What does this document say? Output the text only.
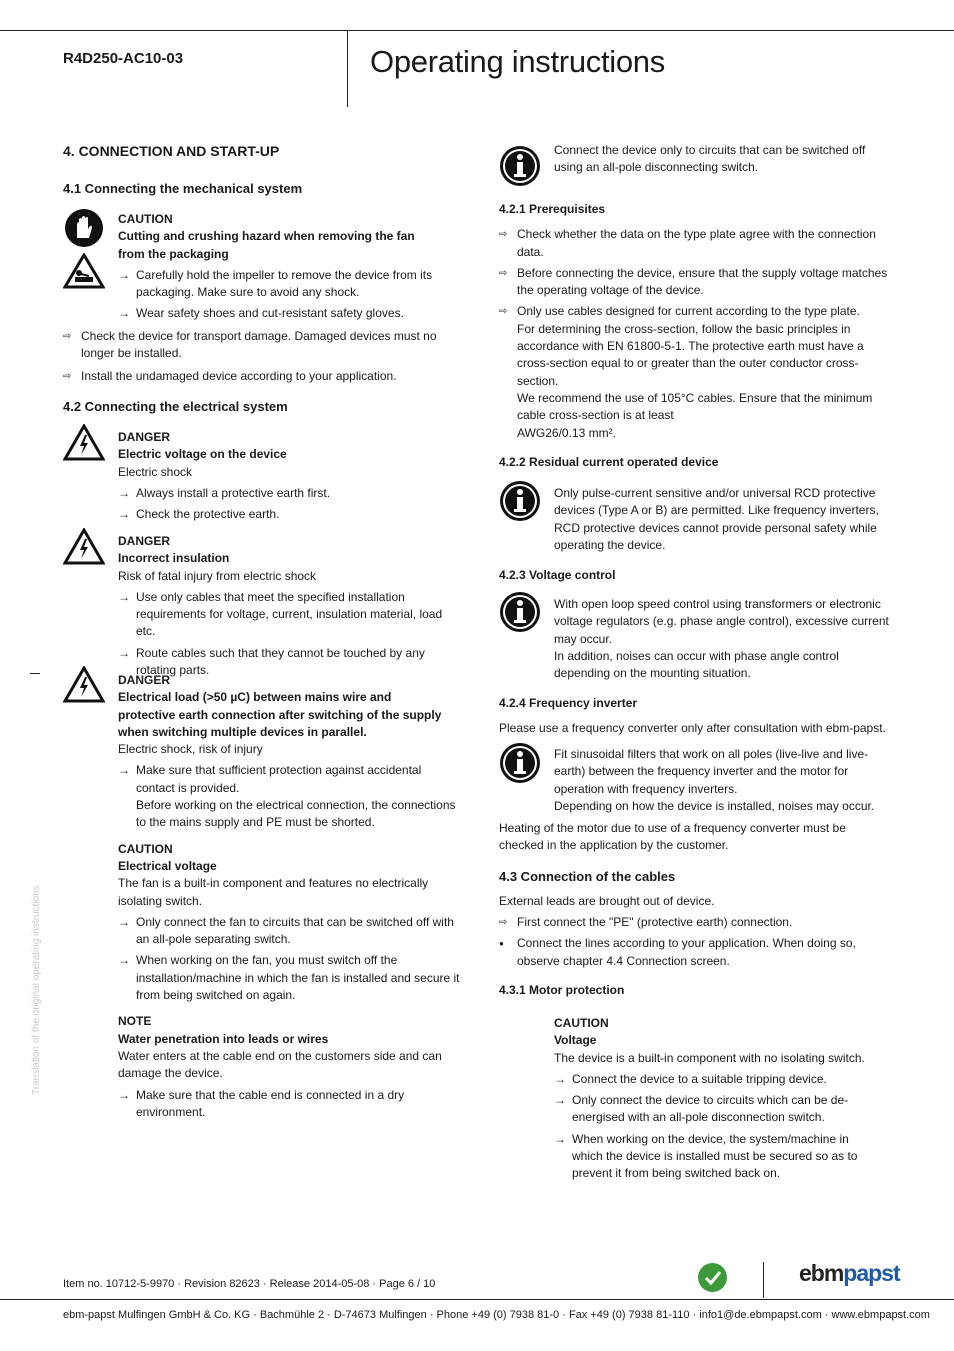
R4D250-AC10-03	Operating instructions
4. CONNECTION AND START-UP
4.1 Connecting the mechanical system
CAUTION
Cutting and crushing hazard when removing the fan
from the packaging
→ Carefully hold the impeller to remove the device from its packaging. Make sure to avoid any shock.
→ Wear safety shoes and cut-resistant safety gloves.
⇨ Check the device for transport damage. Damaged devices must no longer be installed.
⇨ Install the undamaged device according to your application.
4.2 Connecting the electrical system
DANGER
Electric voltage on the device
Electric shock
→ Always install a protective earth first.
→ Check the protective earth.
DANGER
Incorrect insulation
Risk of fatal injury from electric shock
→ Use only cables that meet the specified installation requirements for voltage, current, insulation material, load etc.
→ Route cables such that they cannot be touched by any rotating parts.
DANGER
Electrical load (>50 µC) between mains wire and
protective earth connection after switching of the supply
when switching multiple devices in parallel.
Electric shock, risk of injury
→ Make sure that sufficient protection against accidental contact is provided.
Before working on the electrical connection, the connections to the mains supply and PE must be shorted.
CAUTION
Electrical voltage
The fan is a built-in component and features no electrically isolating switch.
→ Only connect the fan to circuits that can be switched off with an all-pole separating switch.
→ When working on the fan, you must switch off the installation/machine in which the fan is installed and secure it from being switched on again.
NOTE
Water penetration into leads or wires
Water enters at the cable end on the customers side and can damage the device.
→ Make sure that the cable end is connected in a dry environment.
Translation of the original operating instructions
Connect the device only to circuits that can be switched off using an all-pole disconnecting switch.
4.2.1 Prerequisites
⇨ Check whether the data on the type plate agree with the connection data.
⇨ Before connecting the device, ensure that the supply voltage matches the operating voltage of the device.
⇨ Only use cables designed for current according to the type plate.
For determining the cross-section, follow the basic principles in accordance with EN 61800-5-1. The protective earth must have a cross-section equal to or greater than the outer conductor cross-section.
We recommend the use of 105°C cables. Ensure that the minimum cable cross-section is at least
AWG26/0.13 mm².
4.2.2 Residual current operated device
Only pulse-current sensitive and/or universal RCD protective devices (Type A or B) are permitted. Like frequency inverters, RCD protective devices cannot provide personal safety while operating the device.
4.2.3 Voltage control
With open loop speed control using transformers or electronic voltage regulators (e.g. phase angle control), excessive current may occur.
In addition, noises can occur with phase angle control depending on the mounting situation.
4.2.4 Frequency inverter
Please use a frequency converter only after consultation with ebm-papst.
Fit sinusoidal filters that work on all poles (live-live and live-earth) between the frequency inverter and the motor for operation with frequency inverters.
Depending on how the device is installed, noises may occur.
Heating of the motor due to use of a frequency converter must be checked in the application by the customer.
4.3 Connection of the cables
External leads are brought out of device.
⇨ First connect the "PE" (protective earth) connection.
● Connect the lines according to your application. When doing so, observe chapter 4.4 Connection screen.
4.3.1 Motor protection
CAUTION
Voltage
The device is a built-in component with no isolating switch.
→ Connect the device to a suitable tripping device.
→ Only connect the device to circuits which can be de-energised with an all-pole disconnection switch.
→ When working on the device, the system/machine in which the device is installed must be secured so as to prevent it from being switched back on.
Item no. 10712-5-9970 · Revision 82623 · Release 2014-05-08 · Page 6 / 10	ebmpapst
ebm-papst Mulfingen GmbH & Co. KG · Bachmühle 2 · D-74673 Mulfingen · Phone +49 (0) 7938 81-0 · Fax +49 (0) 7938 81-110 · info1@de.ebmpapst.com · www.ebmpapst.com
